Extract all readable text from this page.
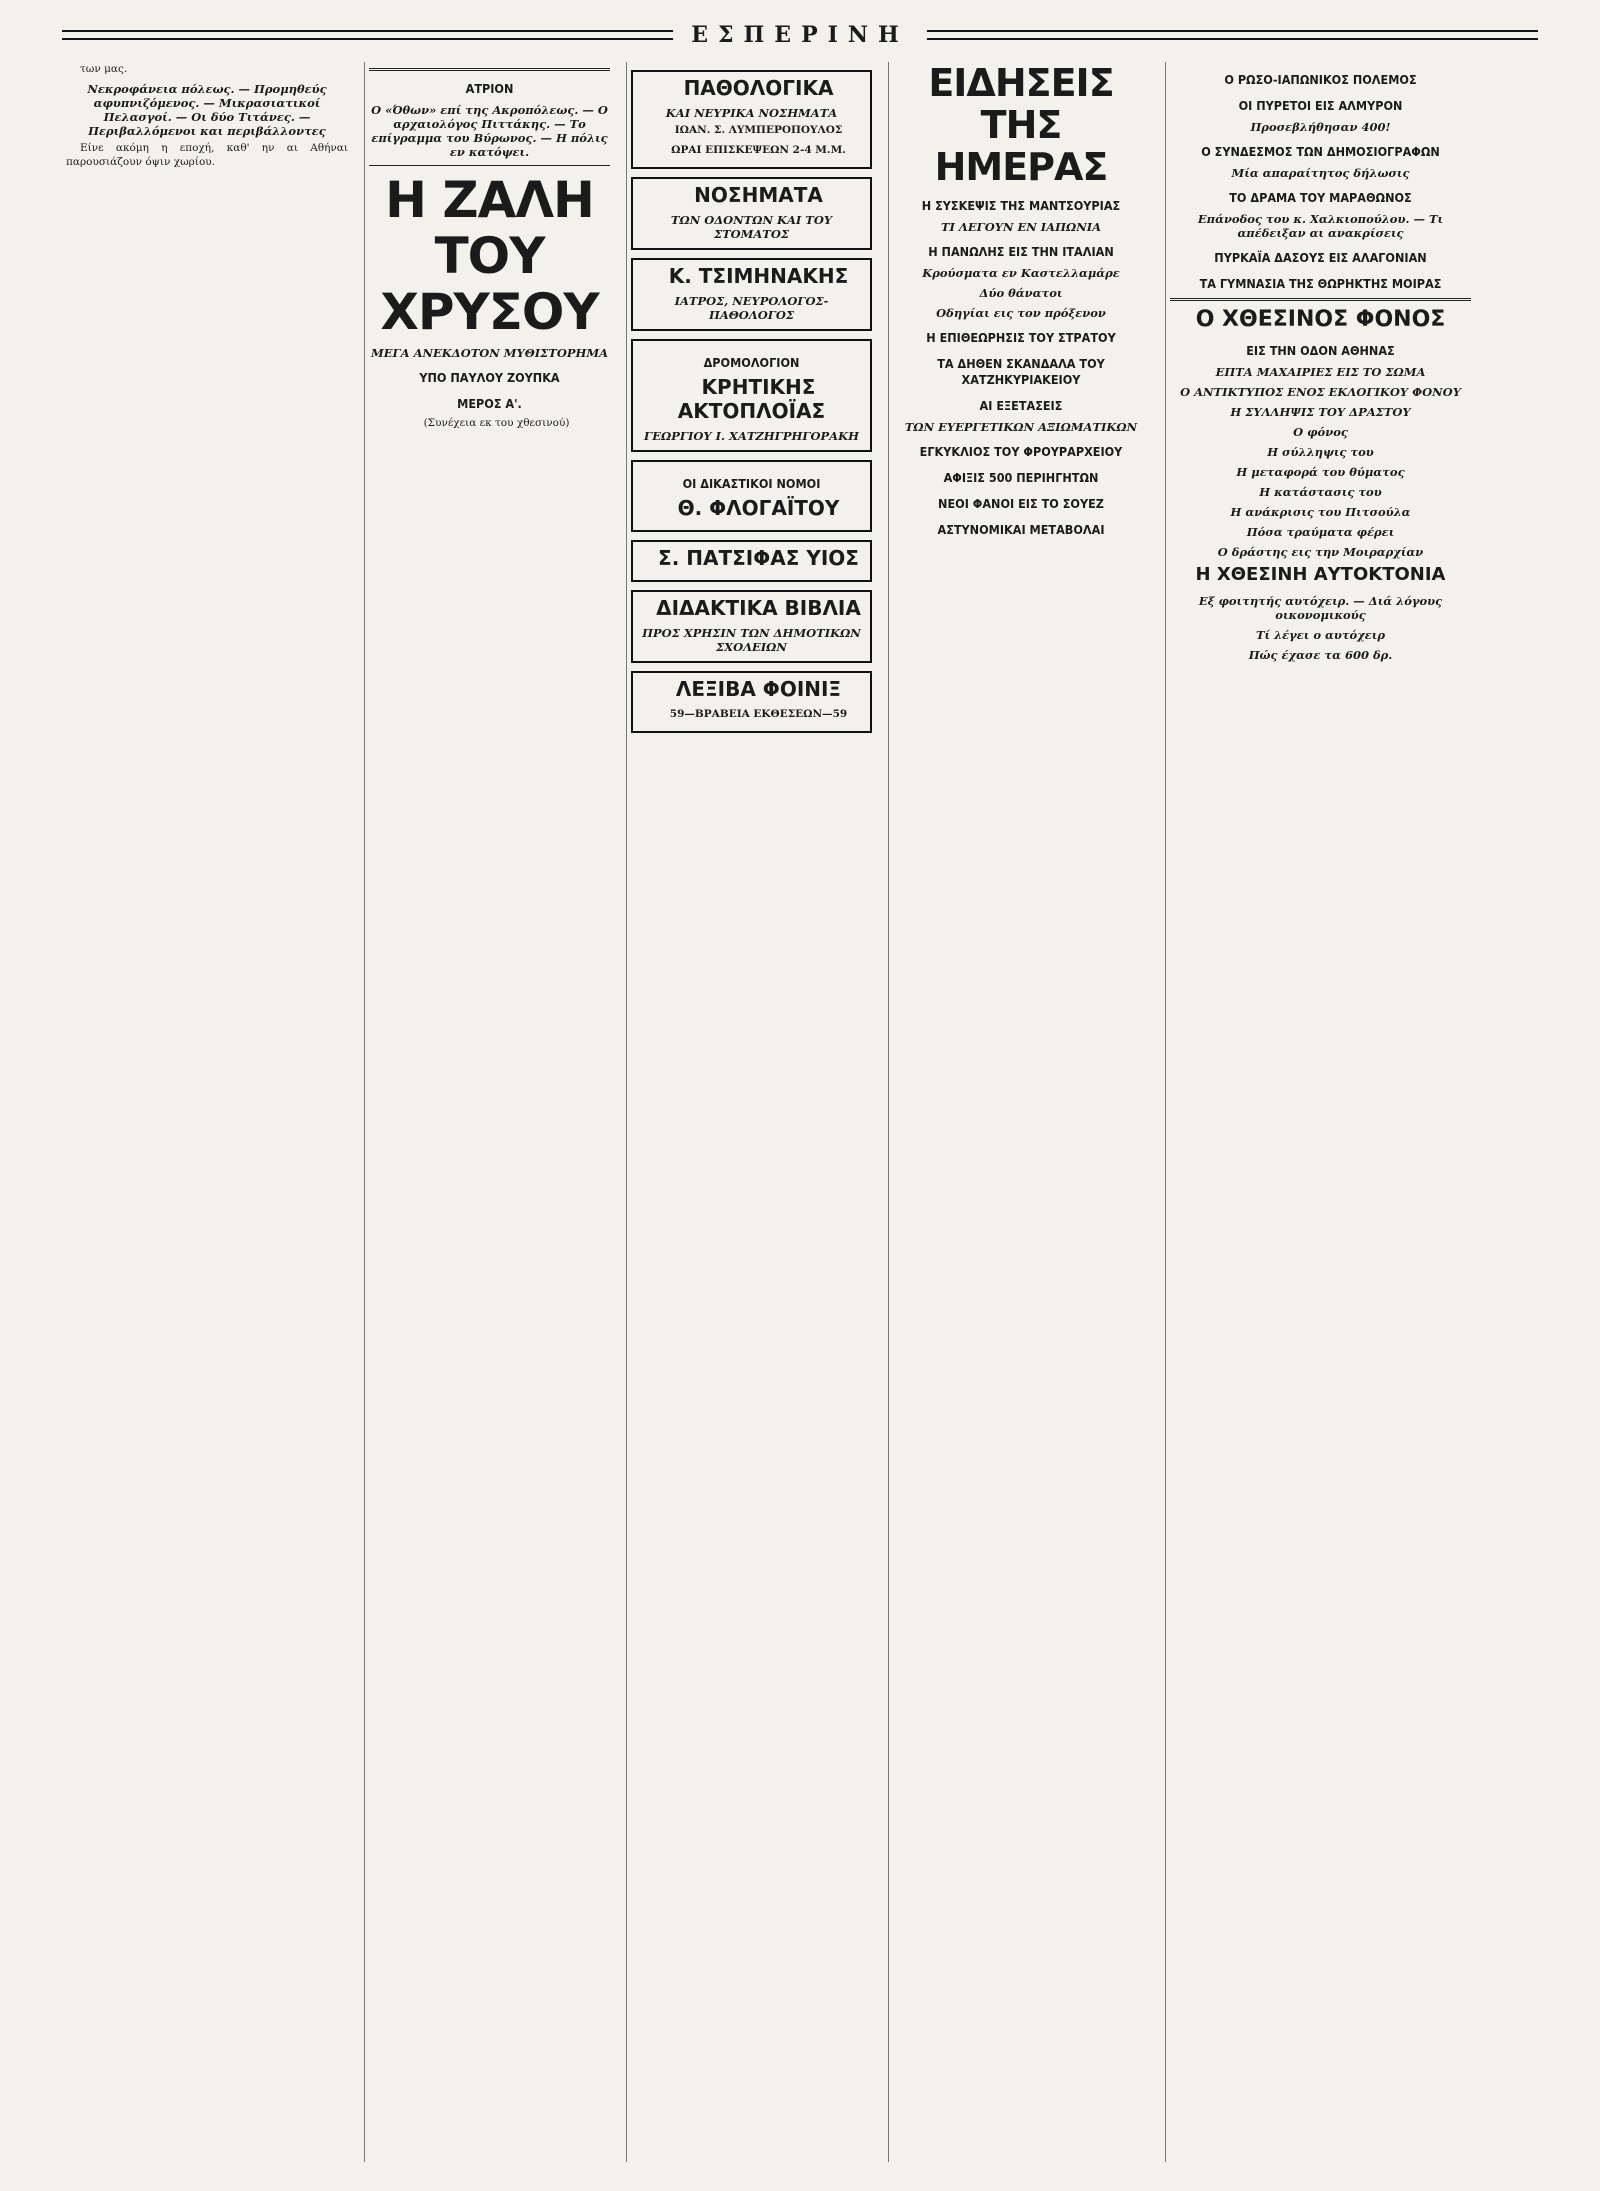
ΕΣΠΕΡΙΝΗ

των μας.

Νεκροφάνεια πόλεως. — Προμηθεύς αφυπνιζόμενος. — Μικρασιατικοί Πελασγοί. — Οι δύο Τιτάνες. — Περιβαλλόμενοι και περιβάλλοντες

Είνε ακόμη η εποχή, καθ' ην αι Αθήναι παρουσιάζουν όψιν χωρίου.

ΑΤΡΙΟΝ
Ο «Όθων» επί της Ακροπόλεως. — Ο αρχαιολόγος Πιττάκης. — Το επίγραμμα του Βύρωνος. — Η πόλις εν κατόψει.
Η ΖΑΛΗ ΤΟΥ ΧΡΥΣΟΥ
ΜΕΓΑ ΑΝΕΚΔΟΤΟΝ ΜΥΘΙΣΤΟΡΗΜΑ
ΥΠΟ ΠΑΥΛΟΥ ΖΟΥΠΚΑ
ΜΕΡΟΣ Α'.

(Συνέχεια εκ του χθεσινού)

ΠΑΘΟΛΟΓΙΚΑ

ΚΑΙ ΝΕΥΡΙΚΑ ΝΟΣΗΜΑΤΑ

ΙΩΑΝ. Σ. ΛΥΜΠΕΡΟΠΟΥΛΟΣ

ΩΡΑΙ ΕΠΙΣΚΕΨΕΩΝ 2-4 Μ.Μ.

ΝΟΣΗΜΑΤΑ

ΤΩΝ ΟΔΟΝΤΩΝ ΚΑΙ ΤΟΥ ΣΤΟΜΑΤΟΣ

Κ. ΤΣΙΜΗΝΑΚΗΣ

ΙΑΤΡΟΣ, ΝΕΥΡΟΛΟΓΟΣ-ΠΑΘΟΛΟΓΟΣ
ΔΡΟΜΟΛΟΓΙΟΝ

ΚΡΗΤΙΚΗΣ ΑΚΤΟΠΛΟΪΑΣ

ΓΕΩΡΓΙΟΥ Ι. ΧΑΤΖΗΓΡΗΓΟΡΑΚΗ
ΟΙ ΔΙΚΑΣΤΙΚΟΙ ΝΟΜΟΙ

Θ. ΦΛΟΓΑΪΤΟΥ

Σ. ΠΑΤΣΙΦΑΣ ΥΙΟΣ

ΔΙΔΑΚΤΙΚΑ ΒΙΒΛΙΑ

ΠΡΟΣ ΧΡΗΣΙΝ ΤΩΝ ΔΗΜΟΤΙΚΩΝ ΣΧΟΛΕΙΩΝ

ΛΕΞΙΒΑ ΦΟΙΝΙΞ

59—ΒΡΑΒΕΙΑ ΕΚΘΕΣΕΩΝ—59

ΕΙΔΗΣΕΙΣ ΤΗΣ ΗΜΕΡΑΣ
Η ΣΥΣΚΕΨΙΣ ΤΗΣ ΜΑΝΤΣΟΥΡΙΑΣ
ΤΙ ΛΕΓΟΥΝ ΕΝ ΙΑΠΩΝΙΑ
Η ΠΑΝΩΛΗΣ ΕΙΣ ΤΗΝ ΙΤΑΛΙΑΝ
Κρούσματα εν Καστελλαμάρε
Δύο θάνατοι
Οδηγίαι εις τον πρόξενον
Η ΕΠΙΘΕΩΡΗΣΙΣ ΤΟΥ ΣΤΡΑΤΟΥ
ΤΑ ΔΗΘΕΝ ΣΚΑΝΔΑΛΑ ΤΟΥ ΧΑΤΖΗΚΥΡΙΑΚΕΙΟΥ
ΑΙ ΕΞΕΤΑΣΕΙΣ
ΤΩΝ ΕΥΕΡΓΕΤΙΚΩΝ ΑΞΙΩΜΑΤΙΚΩΝ
ΕΓΚΥΚΛΙΟΣ ΤΟΥ ΦΡΟΥΡΑΡΧΕΙΟΥ
ΑΦΙΞΙΣ 500 ΠΕΡΙΗΓΗΤΩΝ
ΝΕΟΙ ΦΑΝΟΙ ΕΙΣ ΤΟ ΣΟΥΕΖ
ΑΣΤΥΝΟΜΙΚΑΙ ΜΕΤΑΒΟΛΑΙ
Ο ΡΩΣΟ-ΙΑΠΩΝΙΚΟΣ ΠΟΛΕΜΟΣ
ΟΙ ΠΥΡΕΤΟΙ ΕΙΣ ΑΛΜΥΡΟΝ
Προσεβλήθησαν 400!
Ο ΣΥΝΔΕΣΜΟΣ ΤΩΝ ΔΗΜΟΣΙΟΓΡΑΦΩΝ
Μία απαραίτητος δήλωσις
ΤΟ ΔΡΑΜΑ ΤΟΥ ΜΑΡΑΘΩΝΟΣ
Επάνοδος του κ. Χαλκιοπούλου. — Τι απέδειξαν αι ανακρίσεις
ΠΥΡΚΑΪΑ ΔΑΣΟΥΣ ΕΙΣ ΑΛΑΓΟΝΙΑΝ
ΤΑ ΓΥΜΝΑΣΙΑ ΤΗΣ ΘΩΡΗΚΤΗΣ ΜΟΙΡΑΣ
Ο ΧΘΕΣΙΝΟΣ ΦΟΝΟΣ
ΕΙΣ ΤΗΝ ΟΔΟΝ ΑΘΗΝΑΣ
ΕΠΤΑ ΜΑΧΑΙΡΙΕΣ ΕΙΣ ΤΟ ΣΩΜΑ
Ο ΑΝΤΙΚΤΥΠΟΣ ΕΝΟΣ ΕΚΛΟΓΙΚΟΥ ΦΟΝΟΥ
Η ΣΥΛΛΗΨΙΣ ΤΟΥ ΔΡΑΣΤΟΥ
Ο φόνος
Η σύλληψις του
Η μεταφορά του θύματος
Η κατάστασις του
Η ανάκρισις του Πιτσούλα
Πόσα τραύματα φέρει
Ο δράστης εις την Μοιραρχίαν
Η ΧΘΕΣΙΝΗ ΑΥΤΟΚΤΟΝΙΑ
Εξ φοιτητής αυτόχειρ. — Διά λόγους οικονομικούς
Τί λέγει ο αυτόχειρ
Πώς έχασε τα 600 δρ.
